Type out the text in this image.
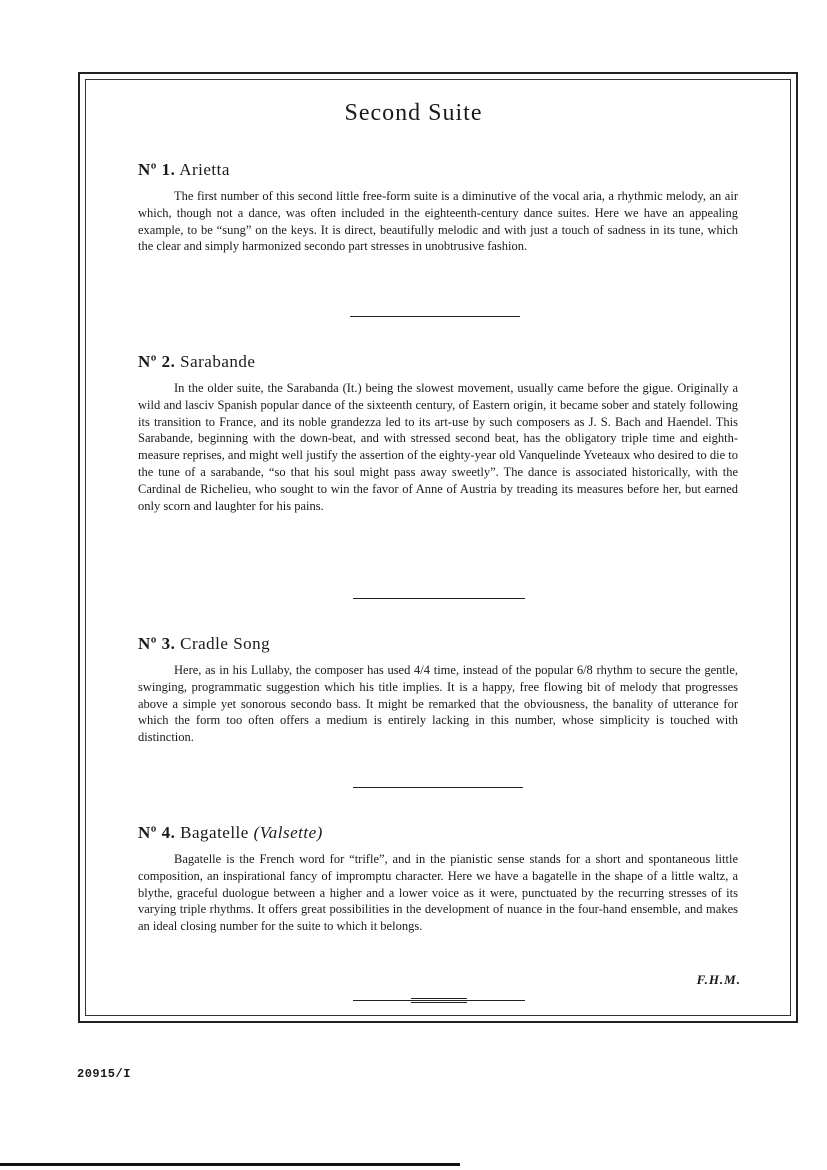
Second Suite
Nº 1. Arietta

The first number of this second little free-form suite is a diminutive of the vocal aria, a rhythmic melody, an air which, though not a dance, was often included in the eighteenth-century dance suites. Here we have an appealing example, to be “sung” on the keys. It is direct, beautifully melodic and with just a touch of sadness in its tune, which the clear and simply harmonized secondo part stresses in unobtrusive fashion.

Nº 2. Sarabande

In the older suite, the Sarabanda (It.) being the slowest movement, usually came before the gigue. Originally a wild and lasciv Spanish popular dance of the sixteenth century, of Eastern origin, it became sober and stately following its transition to France, and its noble grandezza led to its art-use by such composers as J. S. Bach and Haendel. This Sarabande, beginning with the down-beat, and with stressed second beat, has the obligatory triple time and eighth-measure reprises, and might well justify the assertion of the eighty-year old Vanquelinde Yveteaux who desired to die to the tune of a sarabande, “so that his soul might pass away sweetly”. The dance is associated historically, with the Cardinal de Richelieu, who sought to win the favor of Anne of Austria by treading its measures before her, but earned only scorn and laughter for his pains.

Nº 3. Cradle Song

Here, as in his Lullaby, the composer has used 4/4 time, instead of the popular 6/8 rhythm to secure the gentle, swinging, programmatic suggestion which his title implies. It is a happy, free flowing bit of melody that progresses above a simple yet sonorous secondo bass. It might be remarked that the obviousness, the banality of utterance for which the form too often offers a medium is entirely lacking in this number, whose simplicity is touched with distinction.

Nº 4. Bagatelle (Valsette)

Bagatelle is the French word for “trifle”, and in the pianistic sense stands for a short and spontaneous little composition, an inspirational fancy of impromptu character. Here we have a bagatelle in the shape of a little waltz, a blythe, graceful duologue between a higher and a lower voice as it were, punctuated by the recurring stresses of its varying triple rhythms. It offers great possibilities in the development of nuance in the four-hand ensemble, and makes an ideal closing number for the suite to which it belongs.

F.H.M.
20915/I
